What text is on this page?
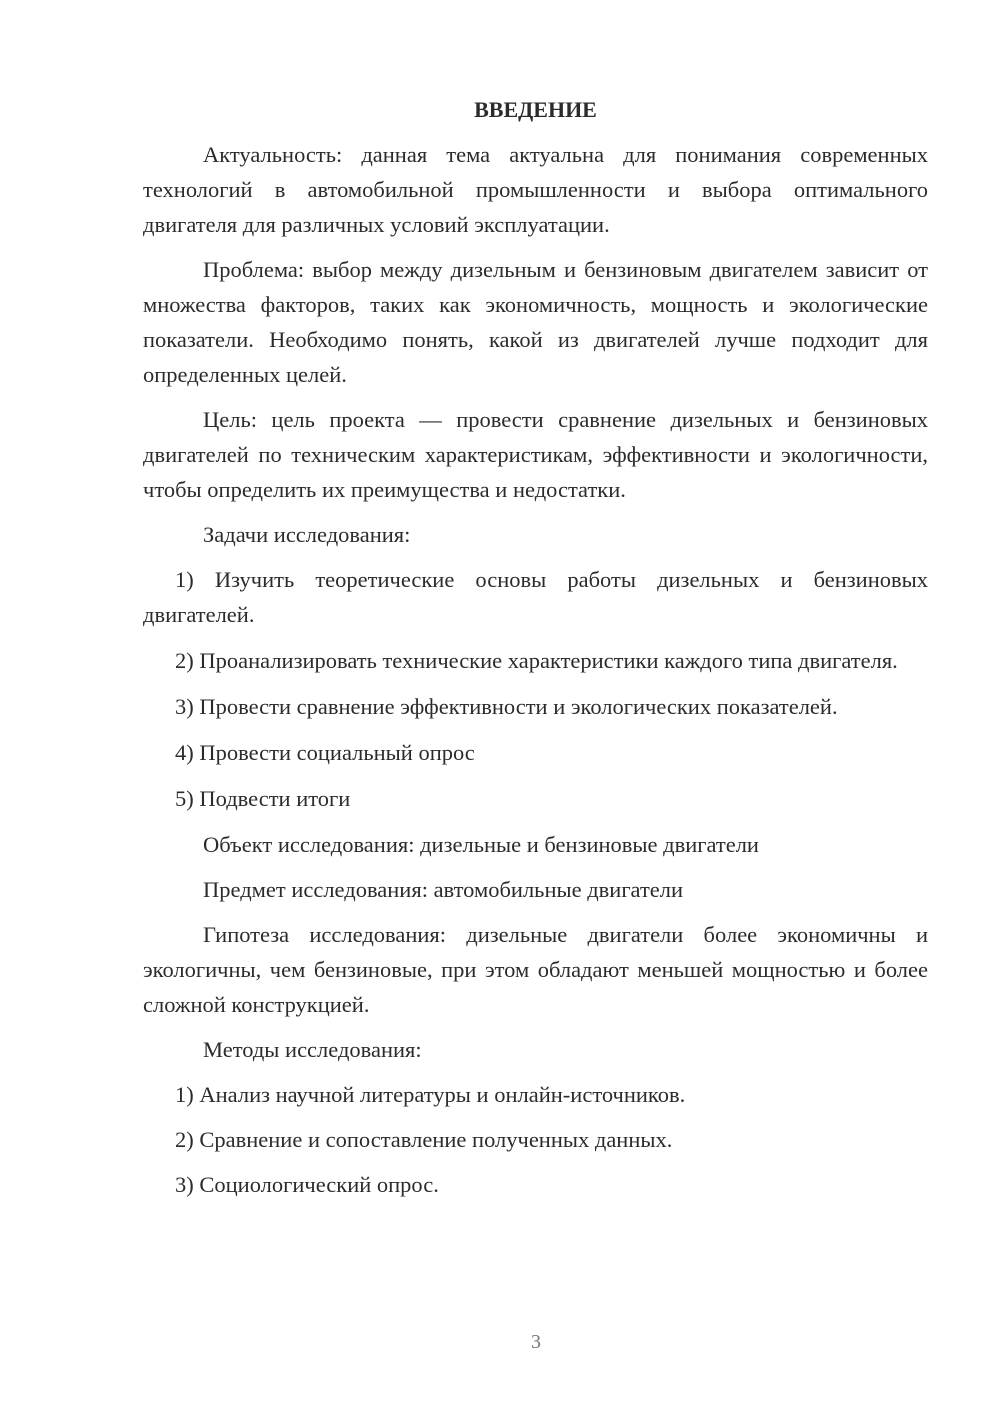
ВВЕДЕНИЕ

Актуальность: данная тема актуальна для понимания современных технологий в автомобильной промышленности и выбора оптимального двигателя для различных условий эксплуатации.

Проблема: выбор между дизельным и бензиновым двигателем зависит от множества факторов, таких как экономичность, мощность и экологические показатели. Необходимо понять, какой из двигателей лучше подходит для определенных целей.

Цель: цель проекта — провести сравнение дизельных и бензиновых двигателей по техническим характеристикам, эффективности и экологичности, чтобы определить их преимущества и недостатки.

Задачи исследования:

1) Изучить теоретические основы работы дизельных и бензиновых двигателей.

2) Проанализировать технические характеристики каждого типа двигателя.

3) Провести сравнение эффективности и экологических показателей.

4) Провести социальный опрос

5) Подвести итоги

Объект исследования: дизельные и бензиновые двигатели

Предмет исследования: автомобильные двигатели

Гипотеза исследования: дизельные двигатели более экономичны и экологичны, чем бензиновые, при этом обладают меньшей мощностью и более сложной конструкцией.

Методы исследования:

1) Анализ научной литературы и онлайн-источников.

2) Сравнение и сопоставление полученных данных.

3) Социологический опрос.

3
